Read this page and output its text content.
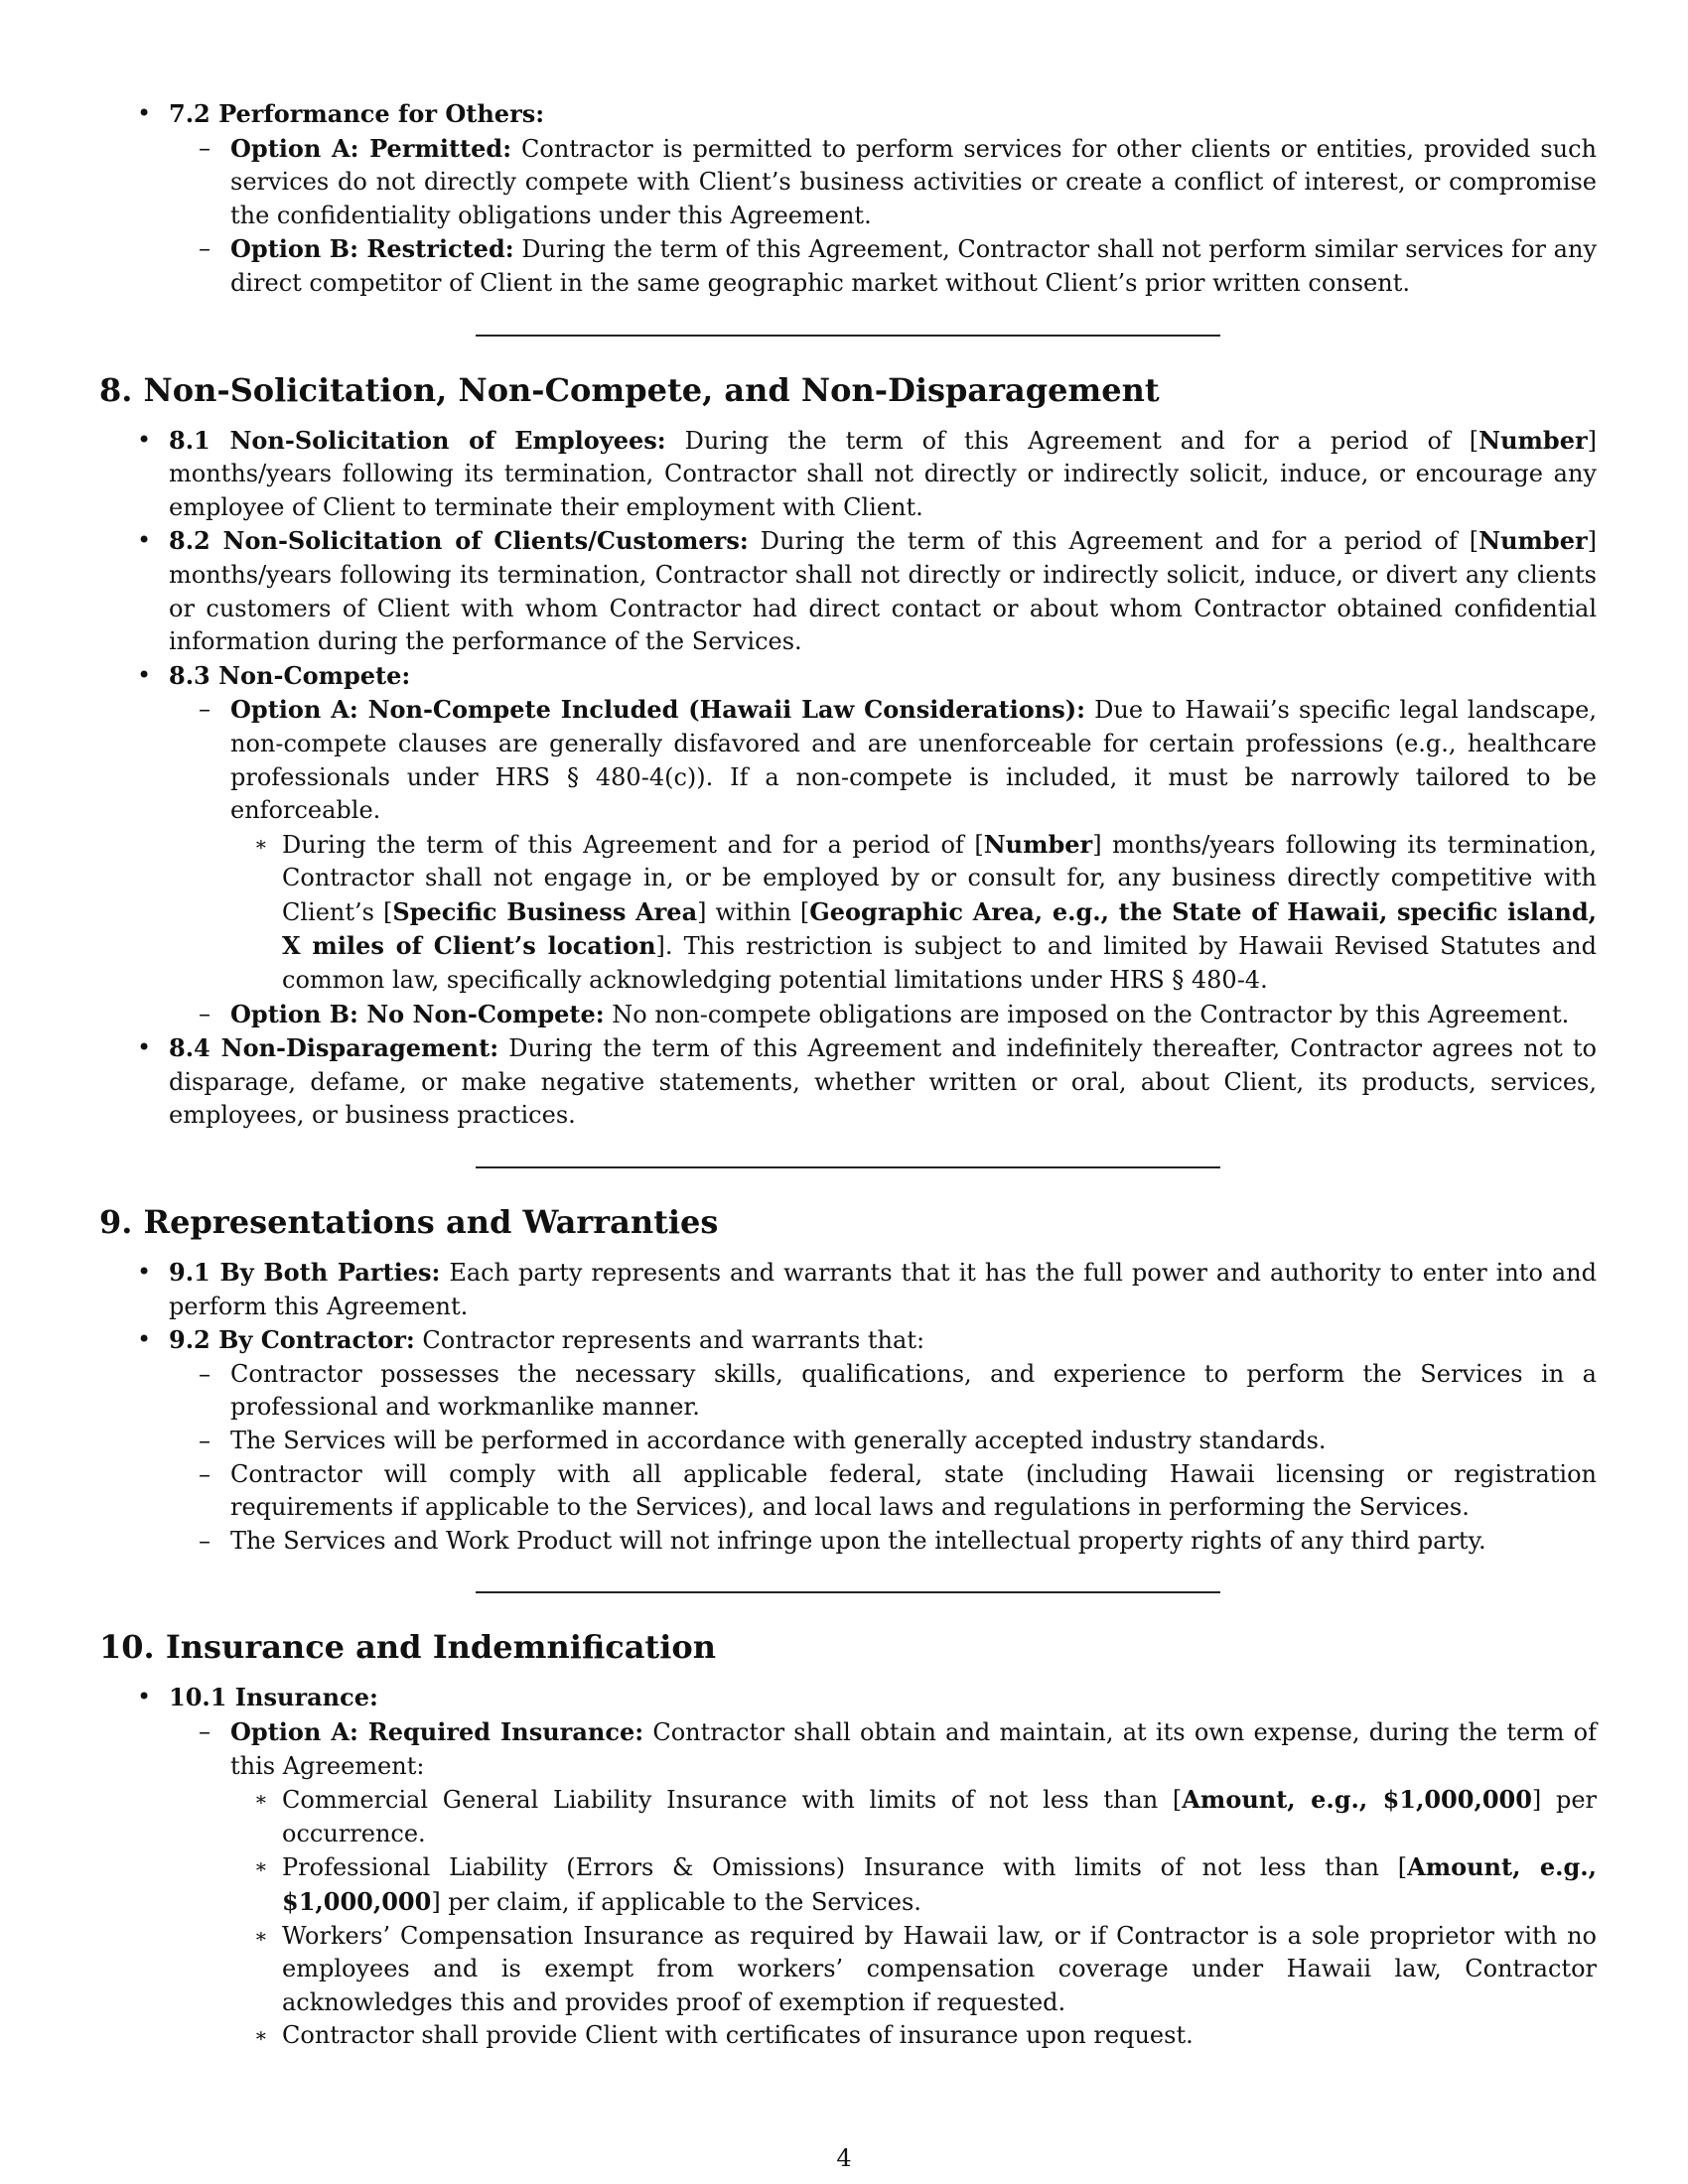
• 7.2 Performance for Others:
– Option A: Permitted: Contractor is permitted to perform services for other clients or entities, provided such services do not directly compete with Client’s business activities or create a conflict of interest, or compromise the confidentiality obligations under this Agreement.
– Option B: Restricted: During the term of this Agreement, Contractor shall not perform similar services for any direct competitor of Client in the same geographic market without Client’s prior written consent.
8. Non-Solicitation, Non-Compete, and Non-Disparagement
• 8.1 Non-Solicitation of Employees: During the term of this Agreement and for a period of [Number] months/years following its termination, Contractor shall not directly or indirectly solicit, induce, or encourage any employee of Client to terminate their employment with Client.
• 8.2 Non-Solicitation of Clients/Customers: During the term of this Agreement and for a period of [Number] months/years following its termination, Contractor shall not directly or indirectly solicit, induce, or divert any clients or customers of Client with whom Contractor had direct contact or about whom Contractor obtained confidential information during the performance of the Services.
• 8.3 Non-Compete:
– Option A: Non-Compete Included (Hawaii Law Considerations): Due to Hawaii’s specific legal landscape, non-compete clauses are generally disfavored and are unenforceable for certain professions (e.g., healthcare professionals under HRS § 480-4(c)). If a non-compete is included, it must be narrowly tailored to be enforceable.
∗ During the term of this Agreement and for a period of [Number] months/years following its termination, Contractor shall not engage in, or be employed by or consult for, any business directly competitive with Client’s [Specific Business Area] within [Geographic Area, e.g., the State of Hawaii, specific island, X miles of Client’s location]. This restriction is subject to and limited by Hawaii Revised Statutes and common law, specifically acknowledging potential limitations under HRS § 480-4.
– Option B: No Non-Compete: No non-compete obligations are imposed on the Contractor by this Agreement.
• 8.4 Non-Disparagement: During the term of this Agreement and indefinitely thereafter, Contractor agrees not to disparage, defame, or make negative statements, whether written or oral, about Client, its products, services, employees, or business practices.
9. Representations and Warranties
• 9.1 By Both Parties: Each party represents and warrants that it has the full power and authority to enter into and perform this Agreement.
• 9.2 By Contractor: Contractor represents and warrants that:
– Contractor possesses the necessary skills, qualifications, and experience to perform the Services in a professional and workmanlike manner.
– The Services will be performed in accordance with generally accepted industry standards.
– Contractor will comply with all applicable federal, state (including Hawaii licensing or registration requirements if applicable to the Services), and local laws and regulations in performing the Services.
– The Services and Work Product will not infringe upon the intellectual property rights of any third party.
10. Insurance and Indemnification
• 10.1 Insurance:
– Option A: Required Insurance: Contractor shall obtain and maintain, at its own expense, during the term of this Agreement:
∗ Commercial General Liability Insurance with limits of not less than [Amount, e.g., $1,000,000] per occurrence.
∗ Professional Liability (Errors & Omissions) Insurance with limits of not less than [Amount, e.g., $1,000,000] per claim, if applicable to the Services.
∗ Workers’ Compensation Insurance as required by Hawaii law, or if Contractor is a sole proprietor with no employees and is exempt from workers’ compensation coverage under Hawaii law, Contractor acknowledges this and provides proof of exemption if requested.
∗ Contractor shall provide Client with certificates of insurance upon request.
4
